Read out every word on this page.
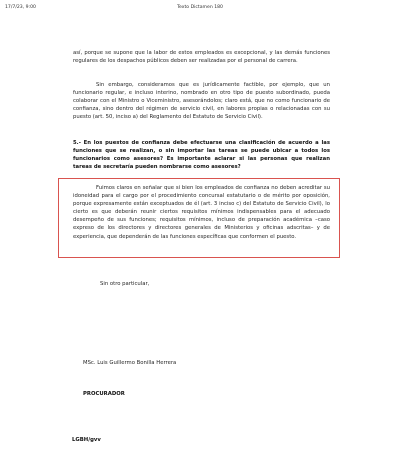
17/7/23, 9:00	Texto Dictamen 180
así, porque se supone que la labor de estos empleados es excepcional, y las demás funciones regulares de los despachos públicos deben ser realizadas por el personal de carrera.
Sin embargo, consideramos que es jurídicamente factible, por ejemplo, que un funcionario regular, e incluso interino, nombrado en otro tipo de puesto subordinado, pueda colaborar con el Ministro o Viceministro, asesorándolos; claro está, que no como funcionario de confianza, sino dentro del régimen de servicio civil, en labores propias o relacionadas con su puesto (art. 50, inciso a) del Reglamento del Estatuto de Servicio Civil).
5.- En los puestos de confianza debe efectuarse una clasificación de acuerdo a las funciones que se realizan, o sin importar las tareas se puede ubicar a todos los funcionarios como asesores? Es importante aclarar si las personas que realizan tareas de secretaría pueden nombrarse como asesores?
Fuimos claros en señalar que si bien los empleados de confianza no deben acreditar su idoneidad para el cargo por el procedimiento concursal estatutario o de mérito por oposición, porque expresamente están exceptuados de él (art. 3 inciso c) del Estatuto de Servicio Civil), lo cierto es que deberán reunir ciertos requisitos mínimos indispensables para el adecuado desempeño de sus funciones; requisitos mínimos, incluso de preparación académica –caso expreso de los directores y directores generales de Ministerios y oficinas adscritas– y de experiencia, que dependerán de las funciones específicas que conformen el puesto.
Sin otro particular,
MSc. Luis Guillermo Bonilla Herrera
PROCURADOR
LGBH/gvv
